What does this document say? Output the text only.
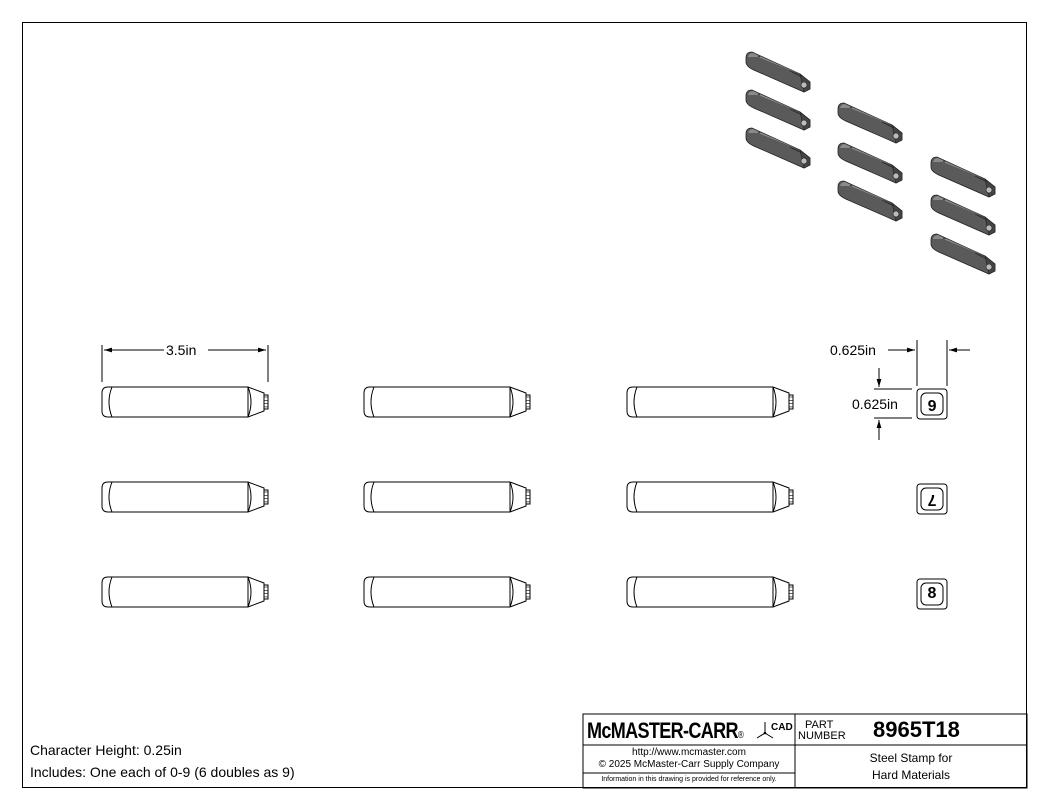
3.5in	0.625in
0.625in	6
7
8
Character Height: 0.25in
Includes: One each of 0-9 (6 doubles as 9)
McMASTER-CARR®
CAD PART
NUMBER 8965T18
http://www.mcmaster.com
© 2025 McMaster-Carr Supply Company
Information in this drawing is provided for reference only.
Steel Stamp for
Hard Materials
